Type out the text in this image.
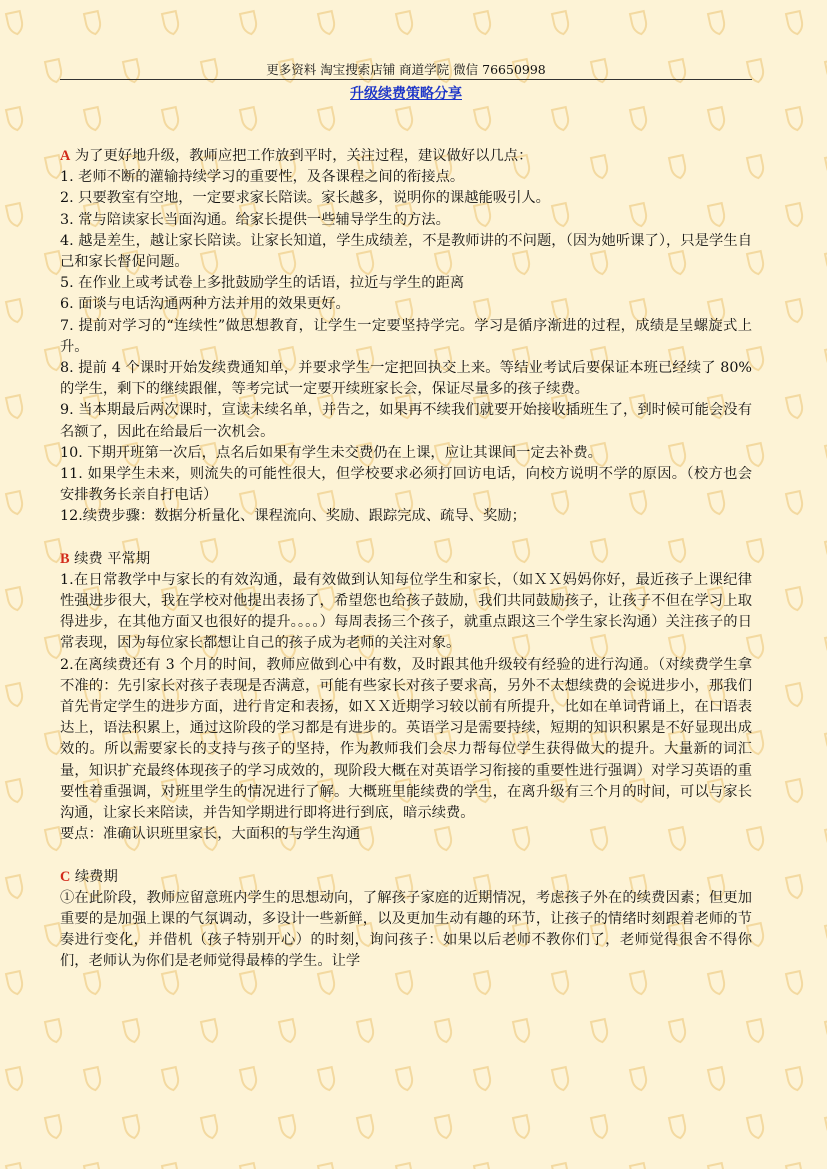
更多资料 淘宝搜索店铺 商道学院 微信 76650998
升级续费策略分享

A 为了更好地升级，教师应把工作放到平时，关注过程，建议做好以几点：

1. 老师不断的灌输持续学习的重要性，及各课程之间的衔接点。

2. 只要教室有空地，一定要求家长陪读。家长越多，说明你的课越能吸引人。

3. 常与陪读家长当面沟通。给家长提供一些辅导学生的方法。

4. 越是差生，越让家长陪读。让家长知道，学生成绩差，不是教师讲的不问题，（因为她听课了），只是学生自己和家长督促问题。

5. 在作业上或考试卷上多批鼓励学生的话语，拉近与学生的距离

6. 面谈与电话沟通两种方法并用的效果更好。

7. 提前对学习的“连续性”做思想教育，让学生一定要坚持学完。学习是循序渐进的过程，成绩是呈螺旋式上升。

8. 提前 4 个课时开始发续费通知单，并要求学生一定把回执交上来。等结业考试后要保证本班已经续了 80%的学生，剩下的继续跟催，等考完试一定要开续班家长会，保证尽量多的孩子续费。

9. 当本期最后两次课时，宣读未续名单，并告之，如果再不续我们就要开始接收插班生了，到时候可能会没有名额了，因此在给最后一次机会。

10. 下期开班第一次后，点名后如果有学生未交费仍在上课，应让其课间一定去补费。

11. 如果学生未来，则流失的可能性很大，但学校要求必须打回访电话，向校方说明不学的原因。（校方也会安排教务长亲自打电话）

12.续费步骤：数据分析量化、课程流向、奖励、跟踪完成、疏导、奖励；

B 续费 平常期

1.在日常教学中与家长的有效沟通，最有效做到认知每位学生和家长，（如ＸＸ妈妈你好，最近孩子上课纪律性强进步很大，我在学校对他提出表扬了，希望您也给孩子鼓励，我们共同鼓励孩子，让孩子不但在学习上取得进步，在其他方面又也很好的提升。。。。）每周表扬三个孩子，就重点跟这三个学生家长沟通）关注孩子的日常表现，因为每位家长都想让自己的孩子成为老师的关注对象。

2.在离续费还有 3 个月的时间，教师应做到心中有数，及时跟其他升级较有经验的进行沟通。（对续费学生拿不准的：先引家长对孩子表现是否满意，可能有些家长对孩子要求高，另外不太想续费的会说进步小，那我们首先肯定学生的进步方面，进行肯定和表扬，如ＸＸ近期学习较以前有所提升，比如在单词背诵上，在口语表达上，语法积累上，通过这阶段的学习都是有进步的。英语学习是需要持续，短期的知识积累是不好显现出成效的。所以需要家长的支持与孩子的坚持，作为教师我们会尽力帮每位学生获得做大的提升。大量新的词汇量，知识扩充最终体现孩子的学习成效的，现阶段大概在对英语学习衔接的重要性进行强调）对学习英语的重要性着重强调，对班里学生的情况进行了解。大概班里能续费的学生，在离升级有三个月的时间，可以与家长沟通，让家长来陪读，并告知学期进行即将进行到底，暗示续费。

要点：准确认识班里家长，大面积的与学生沟通

C 续费期

①在此阶段，教师应留意班内学生的思想动向，了解孩子家庭的近期情况，考虑孩子外在的续费因素；但更加重要的是加强上课的气氛调动，多设计一些新鲜，以及更加生动有趣的环节，让孩子的情绪时刻跟着老师的节奏进行变化，并借机（孩子特别开心）的时刻，询问孩子：如果以后老师不教你们了，老师觉得很舍不得你们，老师认为你们是老师觉得最棒的学生。让学
